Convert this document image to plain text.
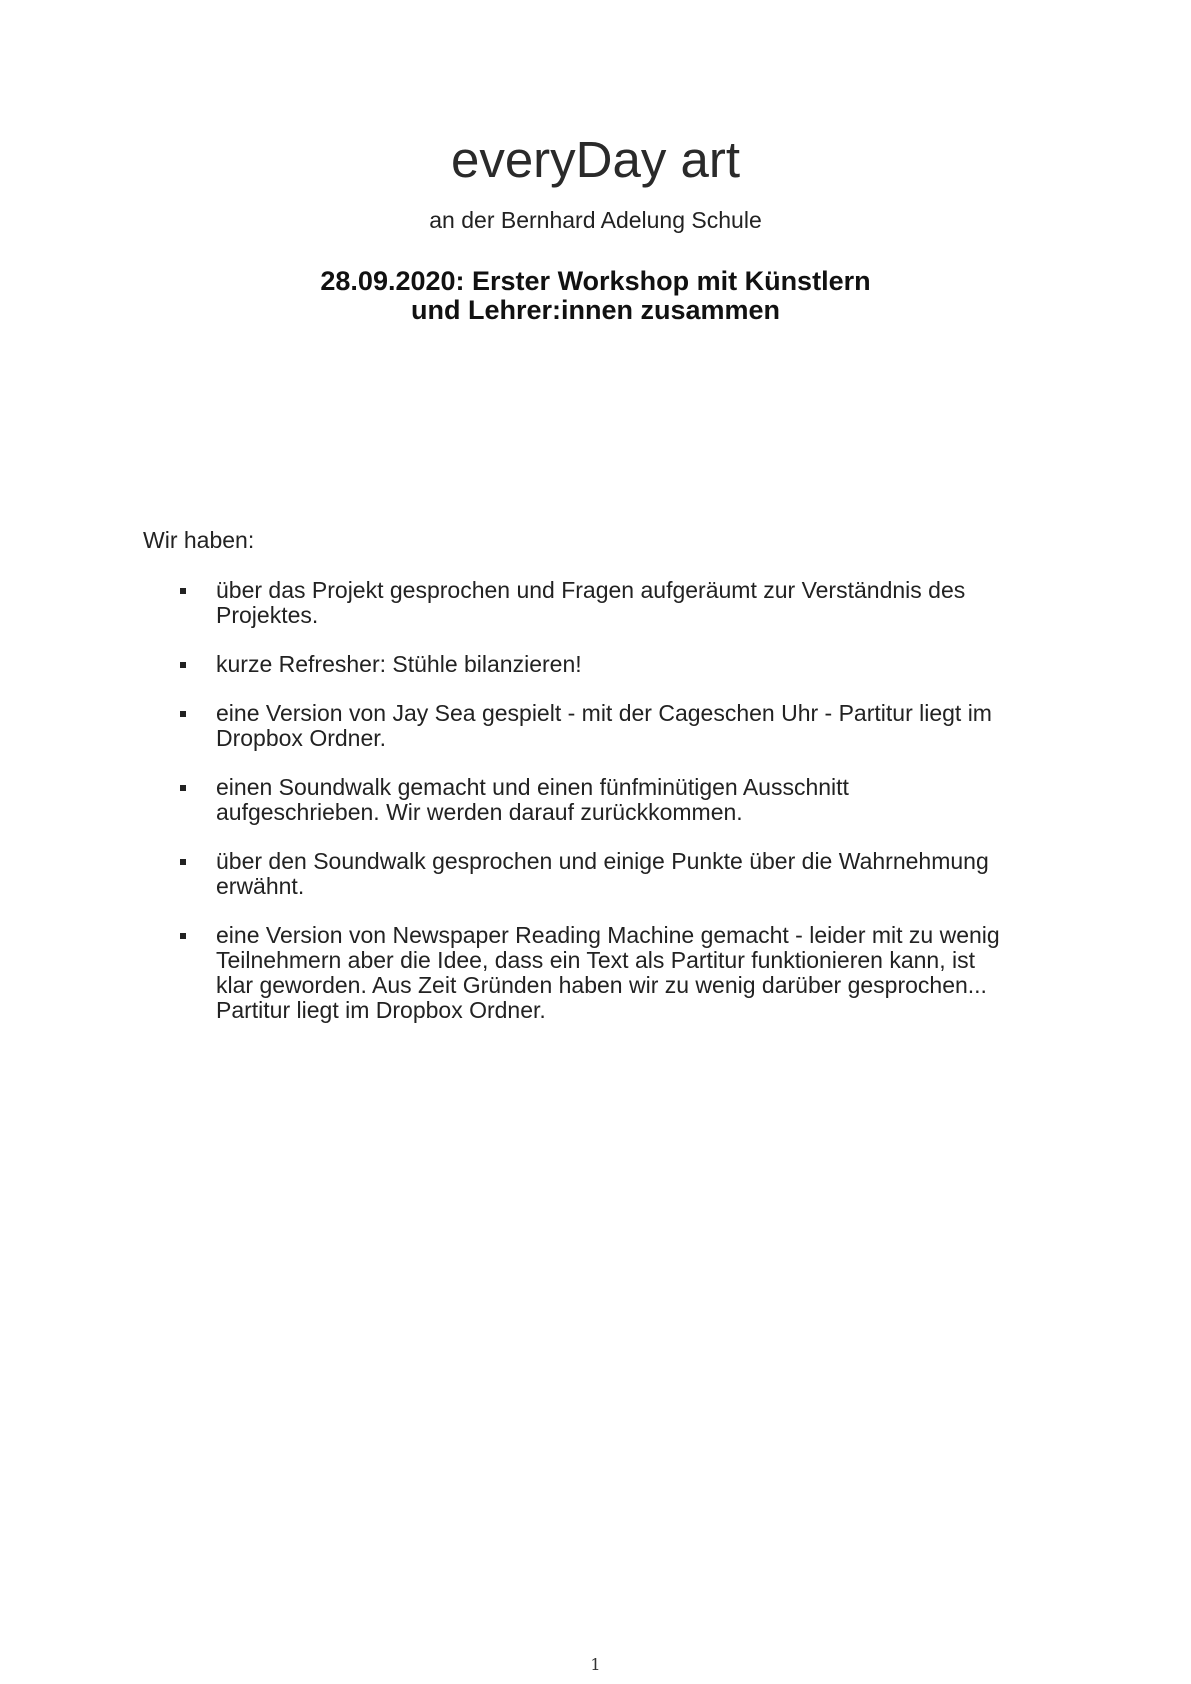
everyDay art
an der Bernhard Adelung Schule
28.09.2020: Erster Workshop mit Künstlern
und Lehrer:innen zusammen
Wir haben:
über das Projekt gesprochen und Fragen aufgeräumt zur Verständnis des
Projektes.
kurze Refresher: Stühle bilanzieren!
eine Version von Jay Sea gespielt - mit der Cageschen Uhr - Partitur liegt im
Dropbox Ordner.
einen Soundwalk gemacht und einen fünfminütigen Ausschnitt
aufgeschrieben. Wir werden darauf zurückkommen.
über den Soundwalk gesprochen und einige Punkte über die Wahrnehmung
erwähnt.
eine Version von Newspaper Reading Machine gemacht - leider mit zu wenig
Teilnehmern aber die Idee, dass ein Text als Partitur funktionieren kann, ist
klar geworden. Aus Zeit Gründen haben wir zu wenig darüber gesprochen...
Partitur liegt im Dropbox Ordner.
1
